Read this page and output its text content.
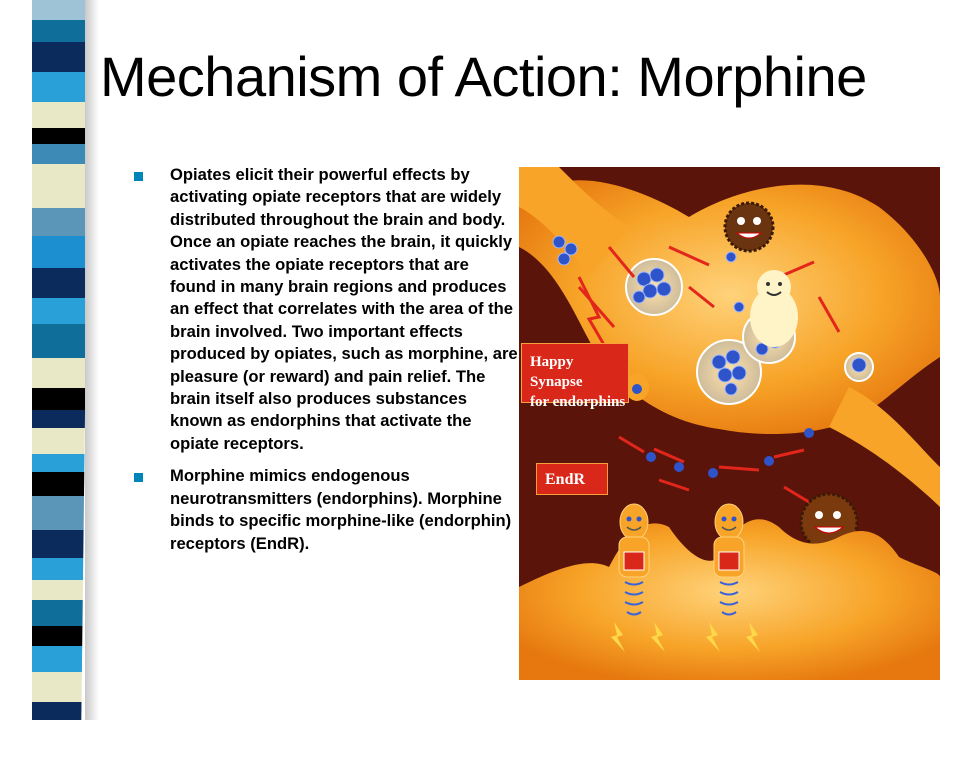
Mechanism of Action: Morphine
Opiates elicit their powerful effects by activating opiate receptors that are widely distributed throughout the brain and body. Once an opiate reaches the brain, it quickly activates the opiate receptors that are found in many brain regions and produces an effect that correlates with the area of the brain involved. Two important effects produced by opiates, such as morphine, are pleasure (or reward) and pain relief. The brain itself also produces substances known as endorphins that activate the opiate receptors.
Morphine mimics endogenous neurotransmitters (endorphins). Morphine binds to specific morphine-like (endorphin) receptors (EndR).
Happy Synapse
for endorphins
EndR
